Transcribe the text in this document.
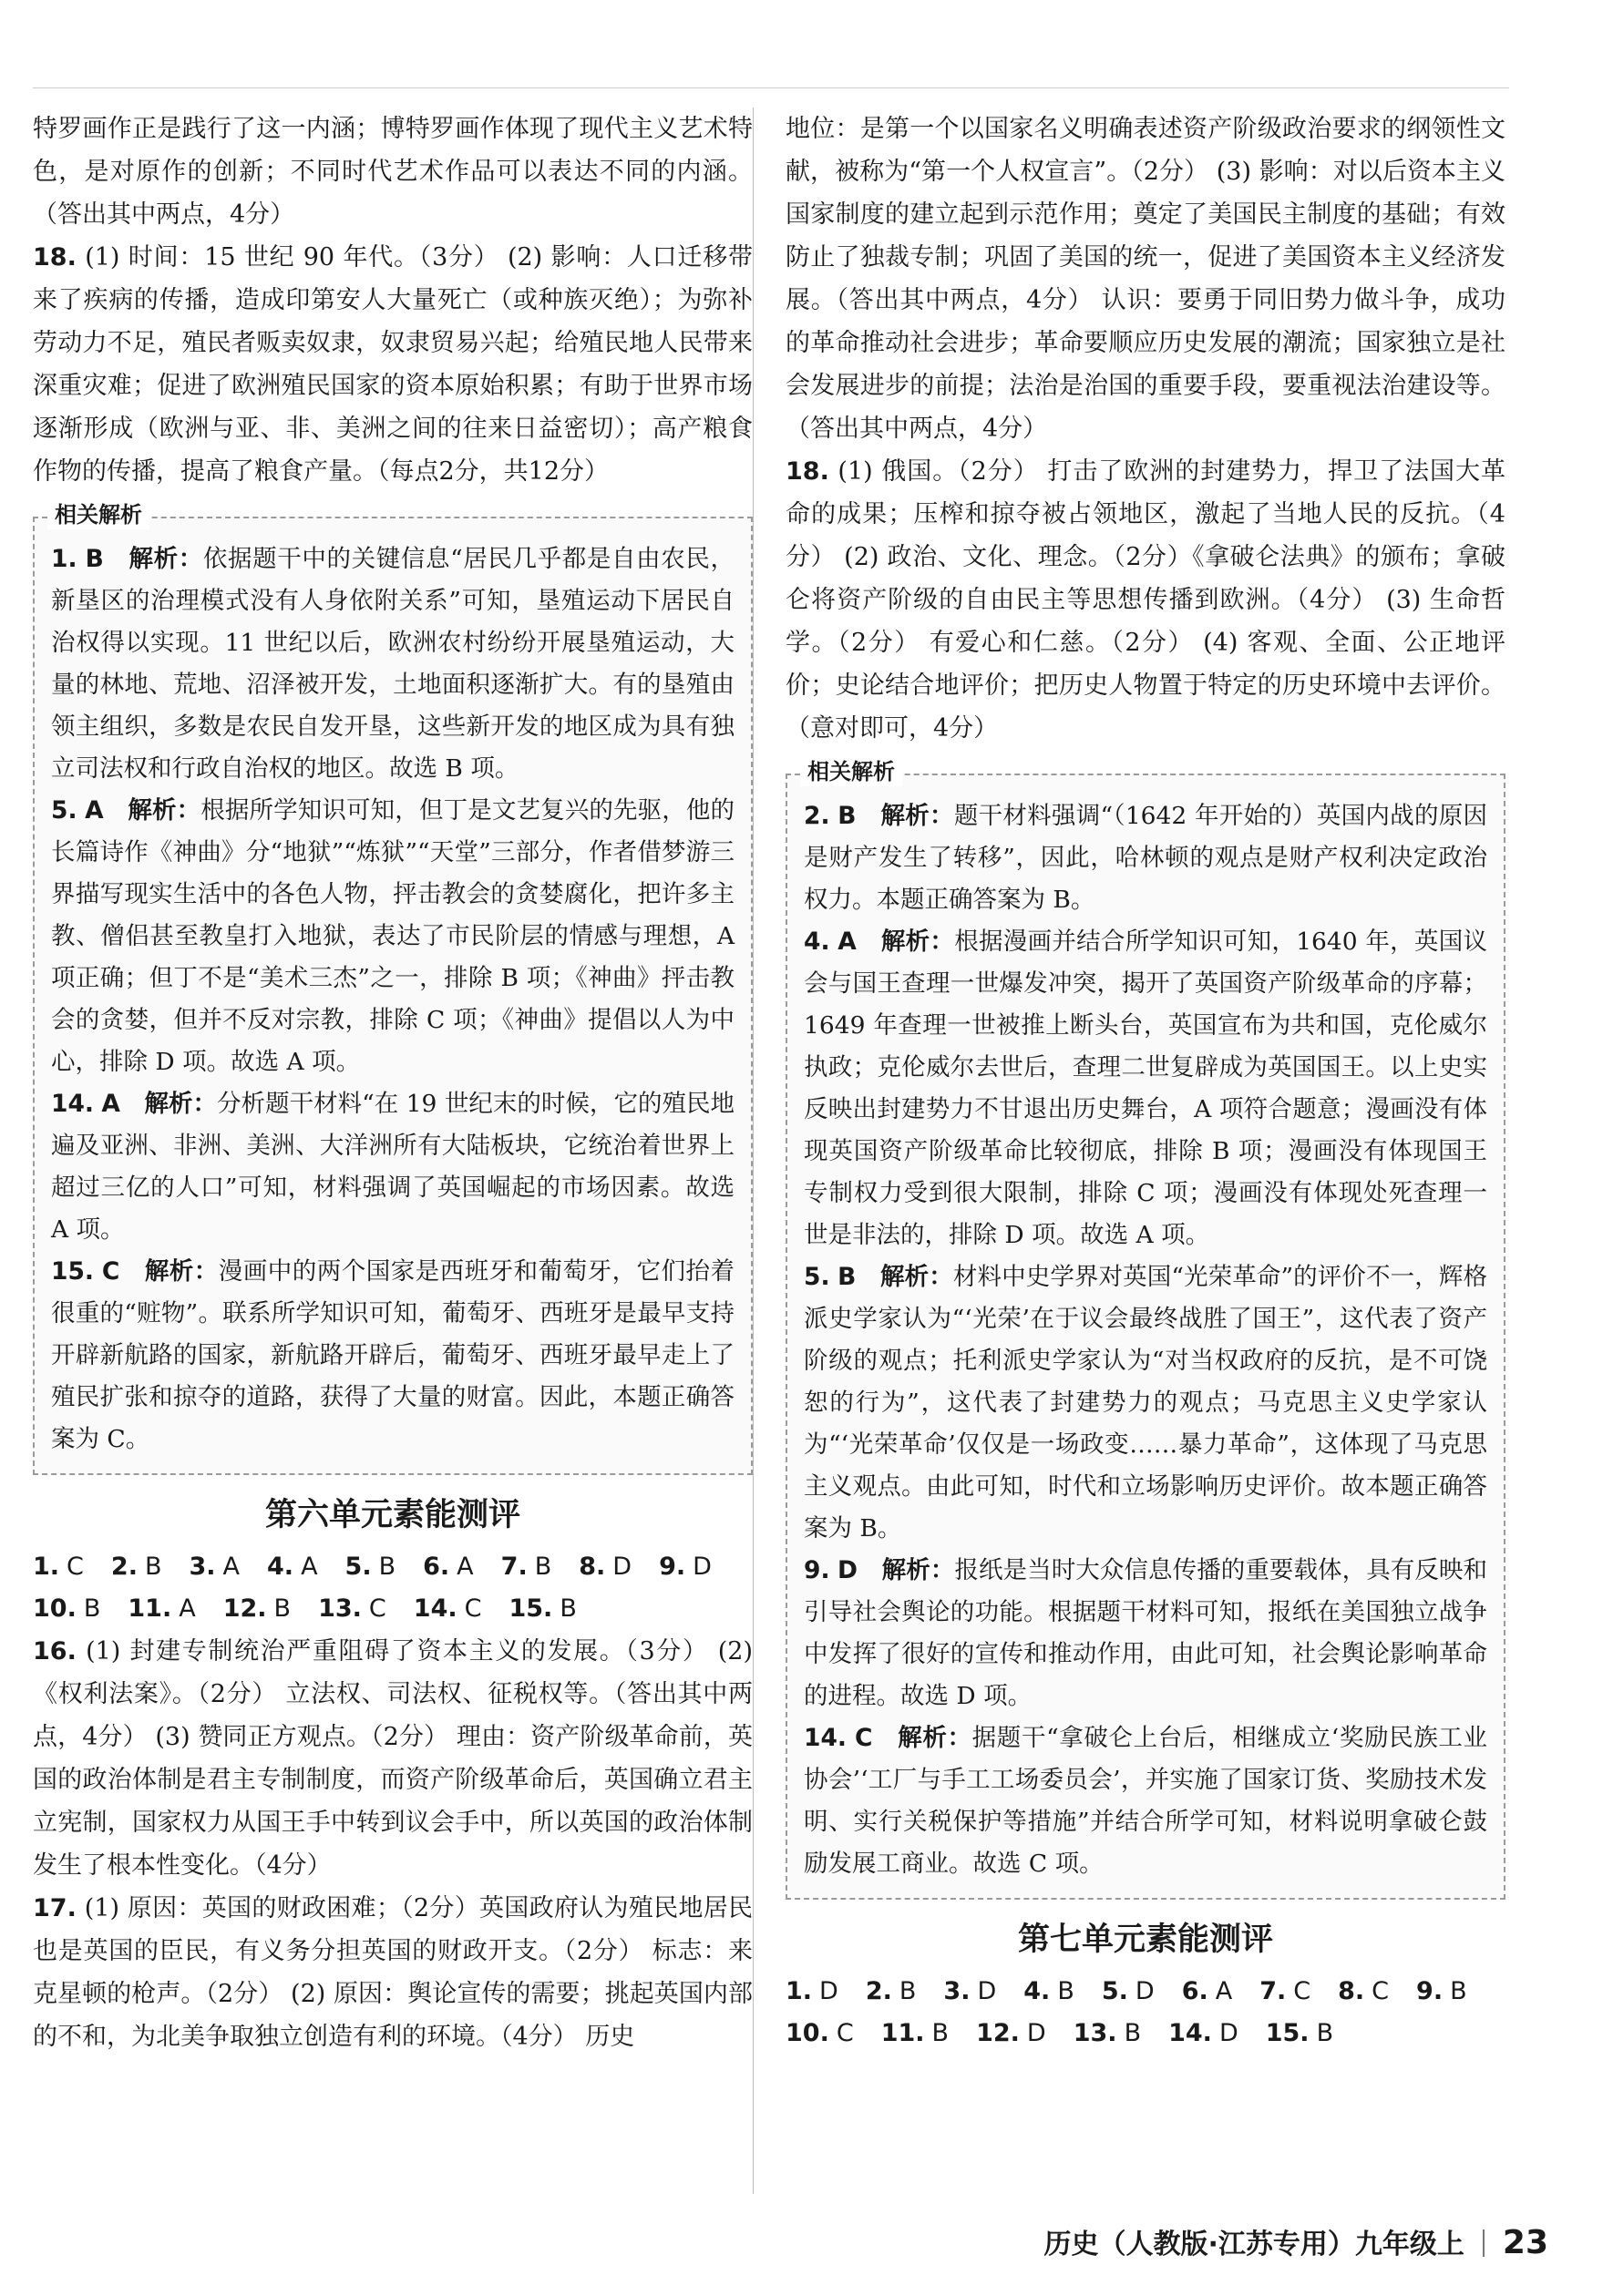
特罗画作正是践行了这一内涵；博特罗画作体现了现代主义艺术特色，是对原作的创新；不同时代艺术作品可以表达不同的内涵。（答出其中两点，4分）

18. (1) 时间：15 世纪 90 年代。（3分） (2) 影响：人口迁移带来了疾病的传播，造成印第安人大量死亡（或种族灭绝）；为弥补劳动力不足，殖民者贩卖奴隶，奴隶贸易兴起；给殖民地人民带来深重灾难；促进了欧洲殖民国家的资本原始积累；有助于世界市场逐渐形成（欧洲与亚、非、美洲之间的往来日益密切）；高产粮食作物的传播，提高了粮食产量。（每点2分，共12分）

相关解析

1. B　 解析：依据题干中的关键信息“居民几乎都是自由农民，新垦区的治理模式没有人身依附关系”可知，垦殖运动下居民自治权得以实现。11 世纪以后，欧洲农村纷纷开展垦殖运动，大量的林地、荒地、沼泽被开发，土地面积逐渐扩大。有的垦殖由领主组织，多数是农民自发开垦，这些新开发的地区成为具有独立司法权和行政自治权的地区。故选 B 项。

5. A　 解析：根据所学知识可知，但丁是文艺复兴的先驱，他的长篇诗作《神曲》分“地狱”“炼狱”“天堂”三部分，作者借梦游三界描写现实生活中的各色人物，抨击教会的贪婪腐化，把许多主教、僧侣甚至教皇打入地狱，表达了市民阶层的情感与理想，A 项正确；但丁不是“美术三杰”之一，排除 B 项；《神曲》抨击教会的贪婪，但并不反对宗教，排除 C 项；《神曲》提倡以人为中心，排除 D 项。故选 A 项。

14. A　 解析：分析题干材料“在 19 世纪末的时候，它的殖民地遍及亚洲、非洲、美洲、大洋洲所有大陆板块，它统治着世界上超过三亿的人口”可知，材料强调了英国崛起的市场因素。故选 A 项。

15. C　 解析：漫画中的两个国家是西班牙和葡萄牙，它们抬着很重的“赃物”。联系所学知识可知，葡萄牙、西班牙是最早支持开辟新航路的国家，新航路开辟后，葡萄牙、西班牙最早走上了殖民扩张和掠夺的道路，获得了大量的财富。因此，本题正确答案为 C。

第六单元素能测评
1. C 2. B 3. A 4. A 5. B 6. A 7. B 8. D 9. D
10. B 11. A 12. B 13. C 14. C 15. B

16. (1) 封建专制统治严重阻碍了资本主义的发展。（3分） (2)《权利法案》。（2分） 立法权、司法权、征税权等。（答出其中两点，4分） (3) 赞同正方观点。（2分） 理由：资产阶级革命前，英国的政治体制是君主专制制度，而资产阶级革命后，英国确立君主立宪制，国家权力从国王手中转到议会手中，所以英国的政治体制发生了根本性变化。（4分）

17. (1) 原因：英国的财政困难；（2分）英国政府认为殖民地居民也是英国的臣民，有义务分担英国的财政开支。（2分） 标志：来克星顿的枪声。（2分） (2) 原因：舆论宣传的需要；挑起英国内部的不和，为北美争取独立创造有利的环境。（4分） 历史

地位：是第一个以国家名义明确表述资产阶级政治要求的纲领性文献，被称为“第一个人权宣言”。（2分） (3) 影响：对以后资本主义国家制度的建立起到示范作用；奠定了美国民主制度的基础；有效防止了独裁专制；巩固了美国的统一，促进了美国资本主义经济发展。（答出其中两点，4分） 认识：要勇于同旧势力做斗争，成功的革命推动社会进步；革命要顺应历史发展的潮流；国家独立是社会发展进步的前提；法治是治国的重要手段，要重视法治建设等。（答出其中两点，4分）

18. (1) 俄国。（2分） 打击了欧洲的封建势力，捍卫了法国大革命的成果；压榨和掠夺被占领地区，激起了当地人民的反抗。（4分） (2) 政治、文化、理念。（2分）《拿破仑法典》的颁布；拿破仑将资产阶级的自由民主等思想传播到欧洲。（4分） (3) 生命哲学。（2分） 有爱心和仁慈。（2分） (4) 客观、全面、公正地评价；史论结合地评价；把历史人物置于特定的历史环境中去评价。（意对即可，4分）

相关解析

2. B　 解析：题干材料强调“（1642 年开始的）英国内战的原因是财产发生了转移”，因此，哈林顿的观点是财产权利决定政治权力。本题正确答案为 B。

4. A　 解析：根据漫画并结合所学知识可知，1640 年，英国议会与国王查理一世爆发冲突，揭开了英国资产阶级革命的序幕；1649 年查理一世被推上断头台，英国宣布为共和国，克伦威尔执政；克伦威尔去世后，查理二世复辟成为英国国王。以上史实反映出封建势力不甘退出历史舞台，A 项符合题意；漫画没有体现英国资产阶级革命比较彻底，排除 B 项；漫画没有体现国王专制权力受到很大限制，排除 C 项；漫画没有体现处死查理一世是非法的，排除 D 项。故选 A 项。

5. B　 解析：材料中史学界对英国“光荣革命”的评价不一，辉格派史学家认为“‘光荣’在于议会最终战胜了国王”，这代表了资产阶级的观点；托利派史学家认为“对当权政府的反抗，是不可饶恕的行为”，这代表了封建势力的观点；马克思主义史学家认为“‘光荣革命’仅仅是一场政变……暴力革命”，这体现了马克思主义观点。由此可知，时代和立场影响历史评价。故本题正确答案为 B。

9. D　 解析：报纸是当时大众信息传播的重要载体，具有反映和引导社会舆论的功能。根据题干材料可知，报纸在美国独立战争中发挥了很好的宣传和推动作用，由此可知，社会舆论影响革命的进程。故选 D 项。

14. C　 解析：据题干“拿破仑上台后，相继成立‘奖励民族工业协会’‘工厂与手工工场委员会’，并实施了国家订货、奖励技术发明、实行关税保护等措施”并结合所学可知，材料说明拿破仑鼓励发展工商业。故选 C 项。

第七单元素能测评
1. D 2. B 3. D 4. B 5. D 6. A 7. C 8. C 9. B
10. C 11. B 12. D 13. B 14. D 15. B
历史（人教版·江苏专用）九年级上 23
